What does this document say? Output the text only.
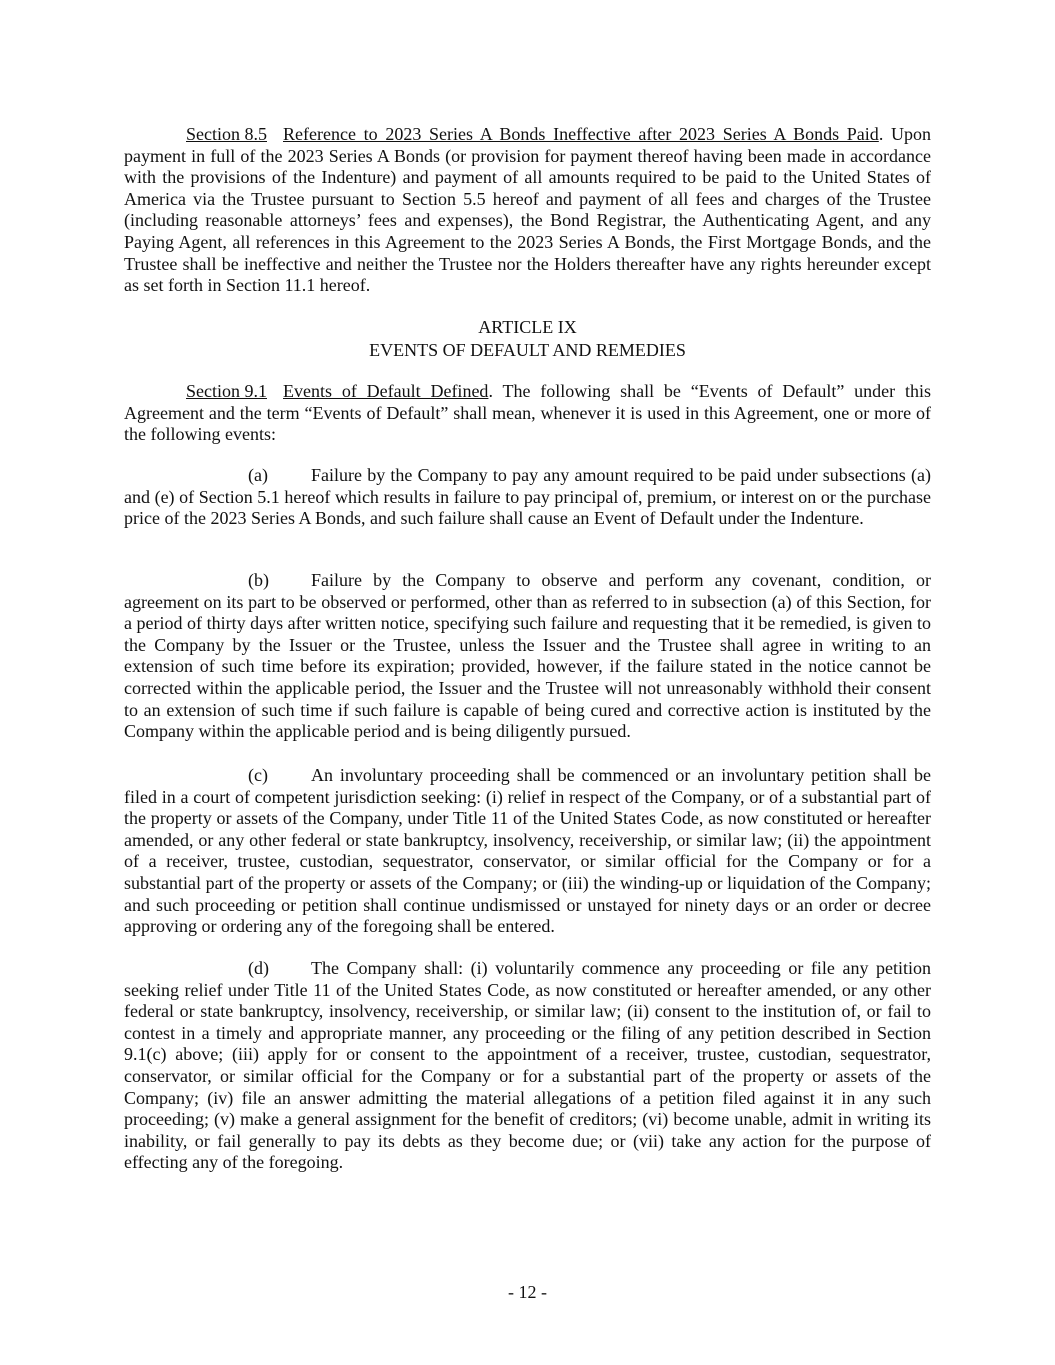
Section 8.5 Reference to 2023 Series A Bonds Ineffective after 2023 Series A Bonds Paid. Upon payment in full of the 2023 Series A Bonds (or provision for payment thereof having been made in accordance with the provisions of the Indenture) and payment of all amounts required to be paid to the United States of America via the Trustee pursuant to Section 5.5 hereof and payment of all fees and charges of the Trustee (including reasonable attorneys’ fees and expenses), the Bond Registrar, the Authenticating Agent, and any Paying Agent, all references in this Agreement to the 2023 Series A Bonds, the First Mortgage Bonds, and the Trustee shall be ineffective and neither the Trustee nor the Holders thereafter have any rights hereunder except as set forth in Section 11.1 hereof.

ARTICLE IX

EVENTS OF DEFAULT AND REMEDIES

Section 9.1 Events of Default Defined. The following shall be “Events of Default” under this Agreement and the term “Events of Default” shall mean, whenever it is used in this Agreement, one or more of the following events:

(a) Failure by the Company to pay any amount required to be paid under subsections (a) and (e) of Section 5.1 hereof which results in failure to pay principal of, premium, or interest on or the purchase price of the 2023 Series A Bonds, and such failure shall cause an Event of Default under the Indenture.

(b) Failure by the Company to observe and perform any covenant, condition, or agreement on its part to be observed or performed, other than as referred to in subsection (a) of this Section, for a period of thirty days after written notice, specifying such failure and requesting that it be remedied, is given to the Company by the Issuer or the Trustee, unless the Issuer and the Trustee shall agree in writing to an extension of such time before its expiration; provided, however, if the failure stated in the notice cannot be corrected within the applicable period, the Issuer and the Trustee will not unreasonably withhold their consent to an extension of such time if such failure is capable of being cured and corrective action is instituted by the Company within the applicable period and is being diligently pursued.

(c) An involuntary proceeding shall be commenced or an involuntary petition shall be filed in a court of competent jurisdiction seeking: (i) relief in respect of the Company, or of a substantial part of the property or assets of the Company, under Title 11 of the United States Code, as now constituted or hereafter amended, or any other federal or state bankruptcy, insolvency, receivership, or similar law; (ii) the appointment of a receiver, trustee, custodian, sequestrator, conservator, or similar official for the Company or for a substantial part of the property or assets of the Company; or (iii) the winding-up or liquidation of the Company; and such proceeding or petition shall continue undismissed or unstayed for ninety days or an order or decree approving or ordering any of the foregoing shall be entered.

(d) The Company shall: (i) voluntarily commence any proceeding or file any petition seeking relief under Title 11 of the United States Code, as now constituted or hereafter amended, or any other federal or state bankruptcy, insolvency, receivership, or similar law; (ii) consent to the institution of, or fail to contest in a timely and appropriate manner, any proceeding or the filing of any petition described in Section 9.1(c) above; (iii) apply for or consent to the appointment of a receiver, trustee, custodian, sequestrator, conservator, or similar official for the Company or for a substantial part of the property or assets of the Company; (iv) file an answer admitting the material allegations of a petition filed against it in any such proceeding; (v) make a general assignment for the benefit of creditors; (vi) become unable, admit in writing its inability, or fail generally to pay its debts as they become due; or (vii) take any action for the purpose of effecting any of the foregoing.

- 12 -
